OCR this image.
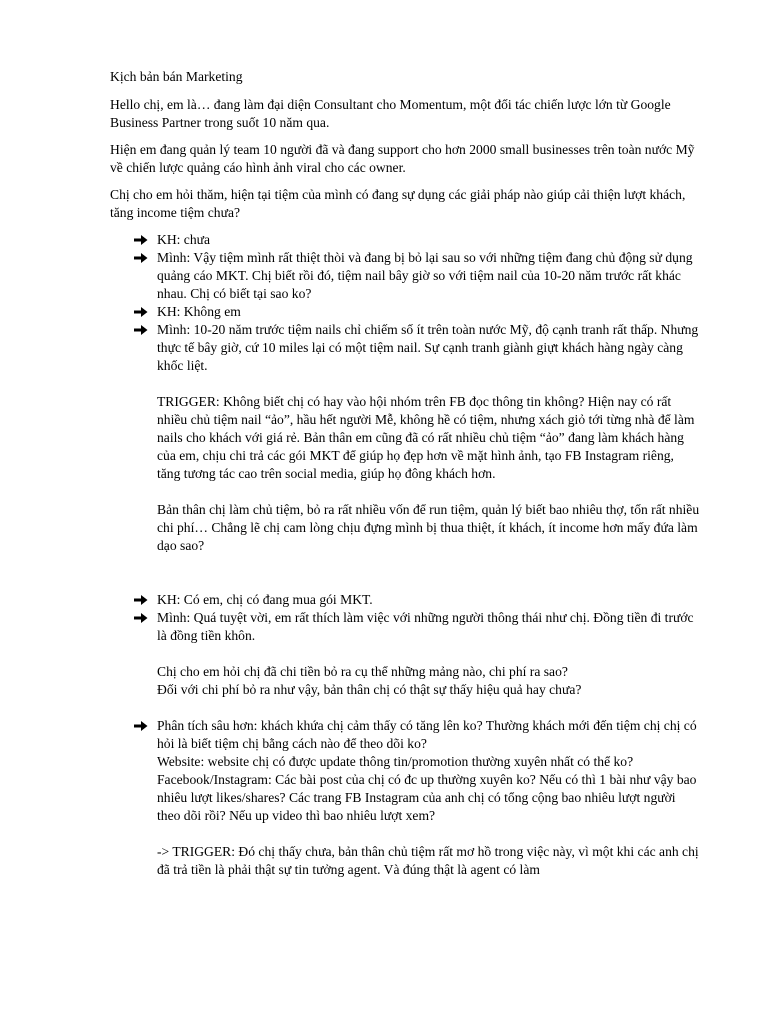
Kịch bản bán Marketing

Hello chị, em là… đang làm đại diện Consultant cho Momentum, một đối tác chiến lược lớn từ Google Business Partner trong suốt 10 năm qua.

Hiện em đang quản lý team 10 người đã và đang support cho hơn 2000 small businesses trên toàn nước Mỹ về chiến lược quảng cáo hình ảnh viral cho các owner.

Chị cho em hỏi thăm, hiện tại tiệm của mình có đang sự dụng các giải pháp nào giúp cải thiện lượt khách, tăng income tiệm chưa?

KH: chưa
Mình: Vậy tiệm mình rất thiệt thòi và đang bị bỏ lại sau so với những tiệm đang chủ động sử dụng quảng cáo MKT. Chị biết rồi đó, tiệm nail bây giờ so với tiệm nail của 10-20 năm trước rất khác nhau. Chị có biết tại sao ko?
KH: Không em
Mình: 10-20 năm trước tiệm nails chỉ chiếm số ít trên toàn nước Mỹ, độ cạnh tranh rất thấp. Nhưng thực tế bây giờ, cứ 10 miles lại có một tiệm nail. Sự cạnh tranh giành giựt khách hàng ngày càng khốc liệt.

TRIGGER: Không biết chị có hay vào hội nhóm trên FB đọc thông tin không? Hiện nay có rất nhiều chủ tiệm nail “ảo”, hầu hết người Mễ, không hề có tiệm, nhưng xách giỏ tới từng nhà để làm nails cho khách với giá rẻ. Bản thân em cũng đã có rất nhiều chủ tiệm “ảo” đang làm khách hàng của em, chịu chi trả các gói MKT để giúp họ đẹp hơn về mặt hình ảnh, tạo FB Instagram riêng, tăng tương tác cao trên social media, giúp họ đông khách hơn.

Bản thân chị làm chủ tiệm, bỏ ra rất nhiều vốn để run tiệm, quản lý biết bao nhiêu thợ, tốn rất nhiều chi phí… Chẳng lẽ chị cam lòng chịu đựng mình bị thua thiệt, ít khách, ít income hơn mấy đứa làm dạo sao?

KH: Có em, chị có đang mua gói MKT.
Mình: Quá tuyệt vời, em rất thích làm việc với những người thông thái như chị. Đồng tiền đi trước là đồng tiền khôn.

Chị cho em hỏi chị đã chi tiền bỏ ra cụ thể những mảng nào, chi phí ra sao?

Đối với chi phí bỏ ra như vậy, bản thân chị có thật sự thấy hiệu quả hay chưa?

Phân tích sâu hơn: khách khứa chị cảm thấy có tăng lên ko? Thường khách mới đến tiệm chị chị có hỏi là biết tiệm chị bằng cách nào để theo dõi ko?

Website: website chị có được update thông tin/promotion thường xuyên nhất có thể ko?

Facebook/Instagram: Các bài post của chị có đc up thường xuyên ko? Nếu có thì 1 bài như vậy bao nhiêu lượt likes/shares? Các trang FB Instagram của anh chị có tổng cộng bao nhiêu lượt người theo dõi rồi? Nếu up video thì bao nhiêu lượt xem?

-> TRIGGER: Đó chị thấy chưa, bản thân chủ tiệm rất mơ hồ trong việc này, vì một khi các anh chị đã trả tiền là phải thật sự tin tưởng agent. Và đúng thật là agent có làm
